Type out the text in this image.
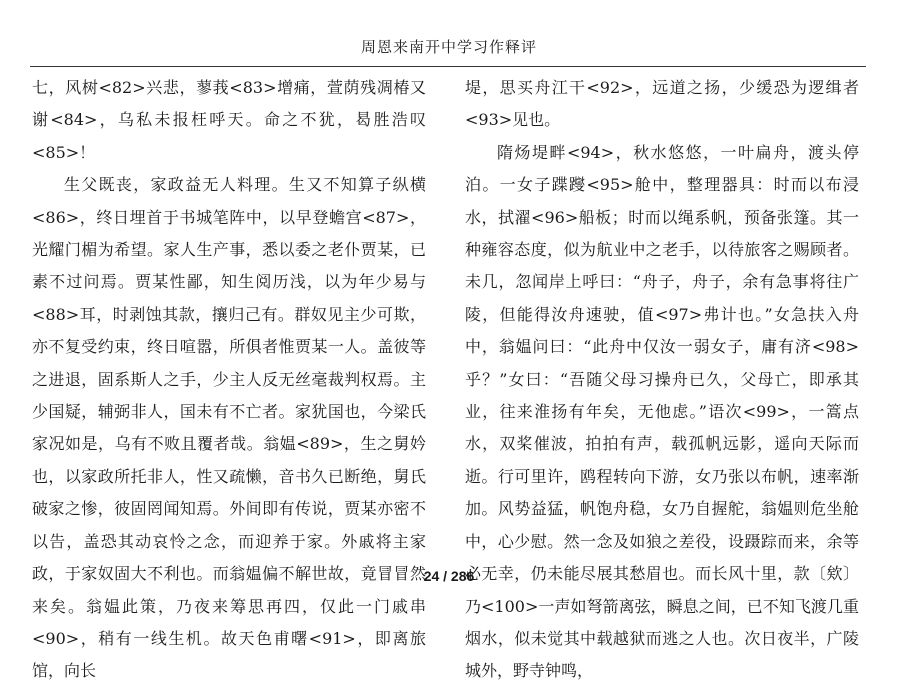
周恩来南开中学习作释评

七，风树<82>兴悲，蓼莪<83>增痛，萱荫残凋椿又谢<84>，乌私未报枉呼天。命之不犹，曷胜浩叹<85>！

生父既丧，家政益无人料理。生又不知算子纵横<86>，终日埋首于书城笔阵中，以早登蟾宫<87>，光耀门楣为希望。家人生产事，悉以委之老仆贾某，已素不过问焉。贾某性鄙，知生阅历浅，以为年少易与<88>耳，时剥蚀其款，攘归己有。群奴见主少可欺，亦不复受约束，终日喧嚣，所俱者惟贾某一人。盖彼等之进退，固系斯人之手，少主人反无丝毫裁判权焉。主少国疑，辅弼非人，国未有不亡者。家犹国也，今梁氏家况如是，乌有不败且覆者哉。翁媪<89>，生之舅妗也，以家政所托非人，性又疏懒，音书久已断绝，舅氏破家之惨，彼固罔闻知焉。外间即有传说，贾某亦密不以告，盖恐其动哀怜之念，而迎养于家。外戚将主家政，于家奴固大不利也。而翁媪偏不解世故，竟冒冒然来矣。翁媪此策，乃夜来筹思再四，仅此一门戚串<90>，稍有一线生机。故天色甫曙<91>，即离旅馆，向长

堤，思买舟江干<92>，远道之扬，少缓恐为逻缉者<93>见也。

隋炀堤畔<94>，秋水悠悠，一叶扁舟，渡头停泊。一女子蹀躞<95>舱中，整理器具：时而以布浸水，拭濯<96>船板；时而以绳系帆，预备张篷。其一种雍容态度，似为航业中之老手，以待旅客之赐顾者。未几，忽闻岸上呼曰：“舟子，舟子，余有急事将往广陵，但能得汝舟速驶，值<97>弗计也。”女急扶入舟中，翁媪问曰：“此舟中仅汝一弱女子，庸有济<98>乎？”女曰：“吾随父母习操舟已久，父母亡，即承其业，往来淮扬有年矣，无他虑。”语次<99>，一篙点水，双桨催波，拍拍有声，载孤帆远影，遥向天际而逝。行可里许，鸥程转向下游，女乃张以布帆，速率渐加。风势益猛，帆饱舟稳，女乃自握舵，翁媪则危坐舱中，心少慰。然一念及如狼之差役，设蹑踪而来，余等必无幸，仍未能尽展其愁眉也。而长风十里，款〔欸〕乃<100>一声如弩箭离弦，瞬息之间，已不知飞渡几重烟水，似未觉其中载越狱而逃之人也。次日夜半，广陵城外，野寺钟鸣，

24 / 286
